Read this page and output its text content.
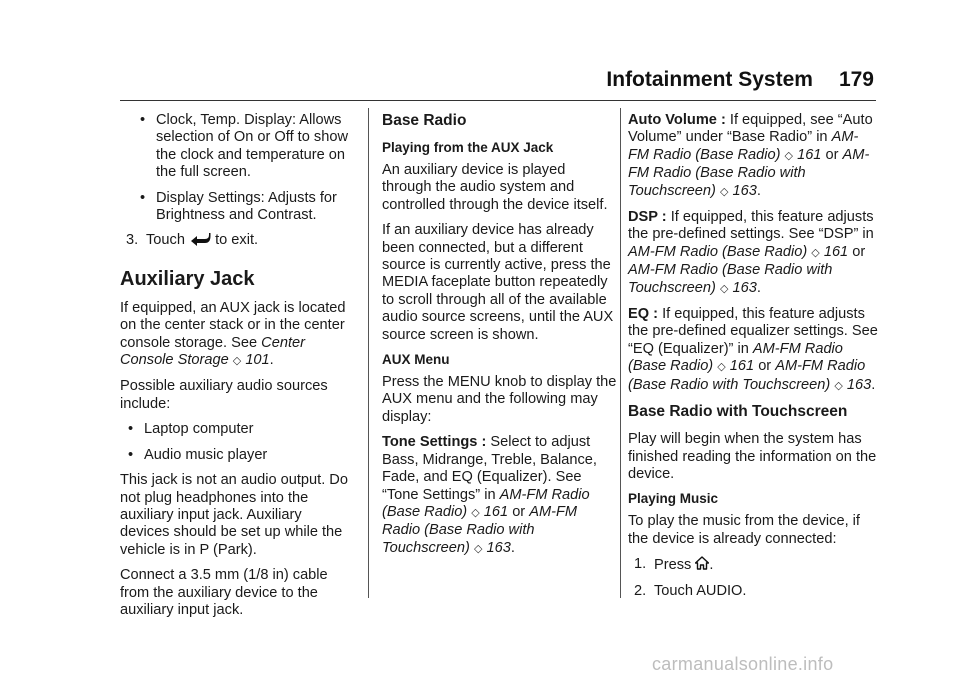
Infotainment System 179
• Clock, Temp. Display: Allows selection of On or Off to show the clock and temperature on the full screen.
• Display Settings: Adjusts for Brightness and Contrast.
3. Touch to exit.
Auxiliary Jack

If equipped, an AUX jack is located on the center stack or in the center console storage. See Center Console Storage ◇ 101.

Possible auxiliary audio sources include:

• Laptop computer
• Audio music player

This jack is not an audio output. Do not plug headphones into the auxiliary input jack. Auxiliary devices should be set up while the vehicle is in P (Park).

Connect a 3.5 mm (1/8 in) cable from the auxiliary device to the auxiliary input jack.

Base Radio
Playing from the AUX Jack

An auxiliary device is played through the audio system and controlled through the device itself.

If an auxiliary device has already been connected, but a different source is currently active, press the MEDIA faceplate button repeatedly to scroll through all of the available audio source screens, until the AUX source screen is shown.

AUX Menu

Press the MENU knob to display the AUX menu and the following may display:

Tone Settings : Select to adjust Bass, Midrange, Treble, Balance, Fade, and EQ (Equalizer). See “Tone Settings” in AM-FM Radio (Base Radio) ◇ 161 or AM-FM Radio (Base Radio with Touchscreen) ◇ 163.

Auto Volume : If equipped, see “Auto Volume” under “Base Radio” in AM-FM Radio (Base Radio) ◇ 161 or AM-FM Radio (Base Radio with Touchscreen) ◇ 163.

DSP : If equipped, this feature adjusts the pre-defined settings. See “DSP” in AM-FM Radio (Base Radio) ◇ 161 or AM-FM Radio (Base Radio with Touchscreen) ◇ 163.

EQ : If equipped, this feature adjusts the pre-defined equalizer settings. See “EQ (Equalizer)” in AM-FM Radio (Base Radio) ◇ 161 or AM-FM Radio (Base Radio with Touchscreen) ◇ 163.

Base Radio with Touchscreen

Play will begin when the system has finished reading the information on the device.

Playing Music

To play the music from the device, if the device is already connected:

1. Press .
2. Touch AUDIO.
carmanualsonline.info
